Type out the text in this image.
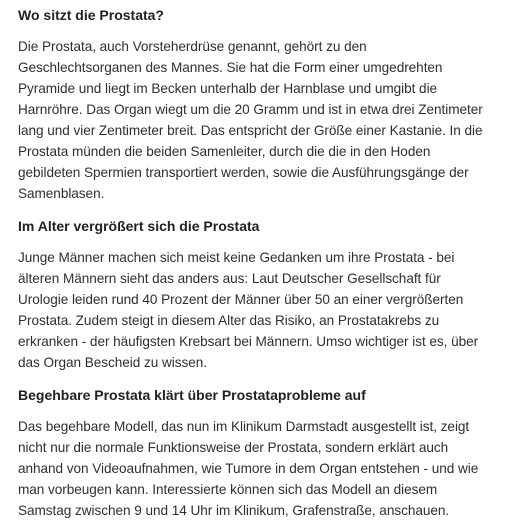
Wo sitzt die Prostata?

Die Prostata, auch Vorsteherdrüse genannt, gehört zu den Geschlechtsorganen des Mannes. Sie hat die Form einer umgedrehten Pyramide und liegt im Becken unterhalb der Harnblase und umgibt die Harnröhre. Das Organ wiegt um die 20 Gramm und ist in etwa drei Zentimeter lang und vier Zentimeter breit. Das entspricht der Größe einer Kastanie. In die Prostata münden die beiden Samenleiter, durch die die in den Hoden gebildeten Spermien transportiert werden, sowie die Ausführungsgänge der Samenblasen.

Im Alter vergrößert sich die Prostata

Junge Männer machen sich meist keine Gedanken um ihre Prostata - bei älteren Männern sieht das anders aus: Laut Deutscher Gesellschaft für Urologie leiden rund 40 Prozent der Männer über 50 an einer vergrößerten Prostata. Zudem steigt in diesem Alter das Risiko, an Prostatakrebs zu erkranken - der häufigsten Krebsart bei Männern. Umso wichtiger ist es, über das Organ Bescheid zu wissen.

Begehbare Prostata klärt über Prostataprobleme auf

Das begehbare Modell, das nun im Klinikum Darmstadt ausgestellt ist, zeigt nicht nur die normale Funktionsweise der Prostata, sondern erklärt auch anhand von Videoaufnahmen, wie Tumore in dem Organ entstehen - und wie man vorbeugen kann. Interessierte können sich das Modell an diesem Samstag zwischen 9 und 14 Uhr im Klinikum, Grafenstraße, anschauen.
